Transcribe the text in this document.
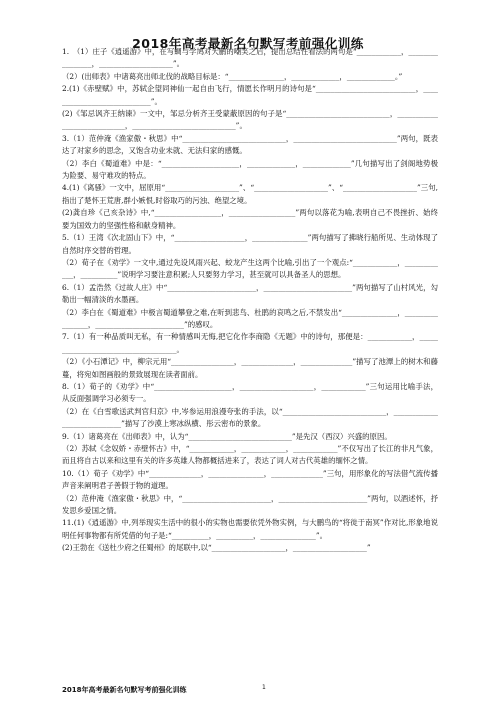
2018年高考最新名句默写考前强化训练

1.　（1）庄子《逍遥游》中，在写蜩与学鸠对大鹏的嘲笑之后，提出总结性看法的两句是“____________，________________，____________________”。

（2）(出师表》中诸葛亮出师北伐的战略目标是：“_______________，_____________，_____________。”

2.(1)《赤壁赋》中，苏轼企望同神仙一起自由飞行，情愿长作明月的诗句是“___________________________，____________________________”。

(2)《邹忌讽齐王纳谏》一文中，邹忌分析齐王受蒙蔽原因的句子是“____________________________，____________________________，____________________________”。

3.（1）范仲淹《渔家傲・秋思》中“____________________________，____________________________”两句，既表达了对家乡的思念，又饱含功业未就、无法归家的感慨。

（2）李白《蜀道难》中是：“_____________________，_____________，_____________”几句描写出了剑阁地势极为险要、易守难攻的特点。

4.(1)《离骚》一文中，屈原用“____________________”、“____________________”、“____________________”三句,指出了楚怀王荒唐,群小嫉恨,时俗取巧的污浊、绝望之境。

(2)龚自珍《己亥杂诗》中,“__________________，__________________”两句以落花为喻,表明自己不畏挫折、始终要为国效力的坚强性格和献身精神。

5.（1）王湾《次北固山下》中，“___________________，_______________”两句描写了拂晓行船所见、生动体现了自然时序交替的哲理。

（2）荀子在《劝学》一文中,通过先设风雨兴起、蛟龙产生这两个比喻,引出了一个观点:“____________，____________，__________”说明学习要注意积累;人只要努力学习，甚至就可以具备圣人的思想。

6.（1）孟浩然《过故人庄》中“________________________，________________________”两句描写了山村风光，勾勒出一幅清淡的水墨画。

（2）李白在《蜀道难》中极言蜀道攀登之难,在听到悲鸟、杜鹃的哀鸣之后,不禁发出“_______________，________________，________________________”的感叹。

7.（1）有一种品质叫无私，有一种情感叫无悔,把它化作李商隐《无题》中的诗句，那便是：____________，____________________________________。

（2）《小石潭记》中，柳宗元用“_________________，______________，______________”描写了池潭上的树木和藤蔓，将宛如图画般的景致展现在读者面前。

8.（1）荀子的《劝学》中“_____________________，____________________，____________”三句运用比喻手法，从反面强调学习必须专一。

（2）在《白雪歌送武判官归京》中,岑参运用浪漫夸张的手法，以“____________________________，____________________________”描写了沙漠上寒冰纵横、彤云密布的景象。

9.（1）诸葛亮在《出师表》中，认为“____________________________”是先汉（西汉）兴盛的原因。

（2）苏轼《念奴娇・赤壁怀古》中，“____________，____________，____________”不仅写出了长江的非凡气象，而且将自古以来和这里有关的许多英雄人物都概括进来了，表达了词人对古代英雄的缅怀之情。

10.（1）荀子《劝学》中“______________，_______________，______________”三句，用形象化的写法借气流传播声音来阐明君子善假于物的道理。

（2）范仲淹《渔家傲・秋思》中，“________________________，________________________”两句，以酒述怀，抒发思乡爱国之情。

11.(1)《逍遥游》中,列举现实生活中的很小的实物也需要依凭外物实例，与大鹏鸟的“将徙于南冥”作对比,形象地说明任何事物都有所凭借的句子是:“__________，__________，_______________”。

(2)王勃在《送杜少府之任蜀州》的尾联中,以“____________________，____________________”

2018年高考最新名句默写考前强化训练	1
